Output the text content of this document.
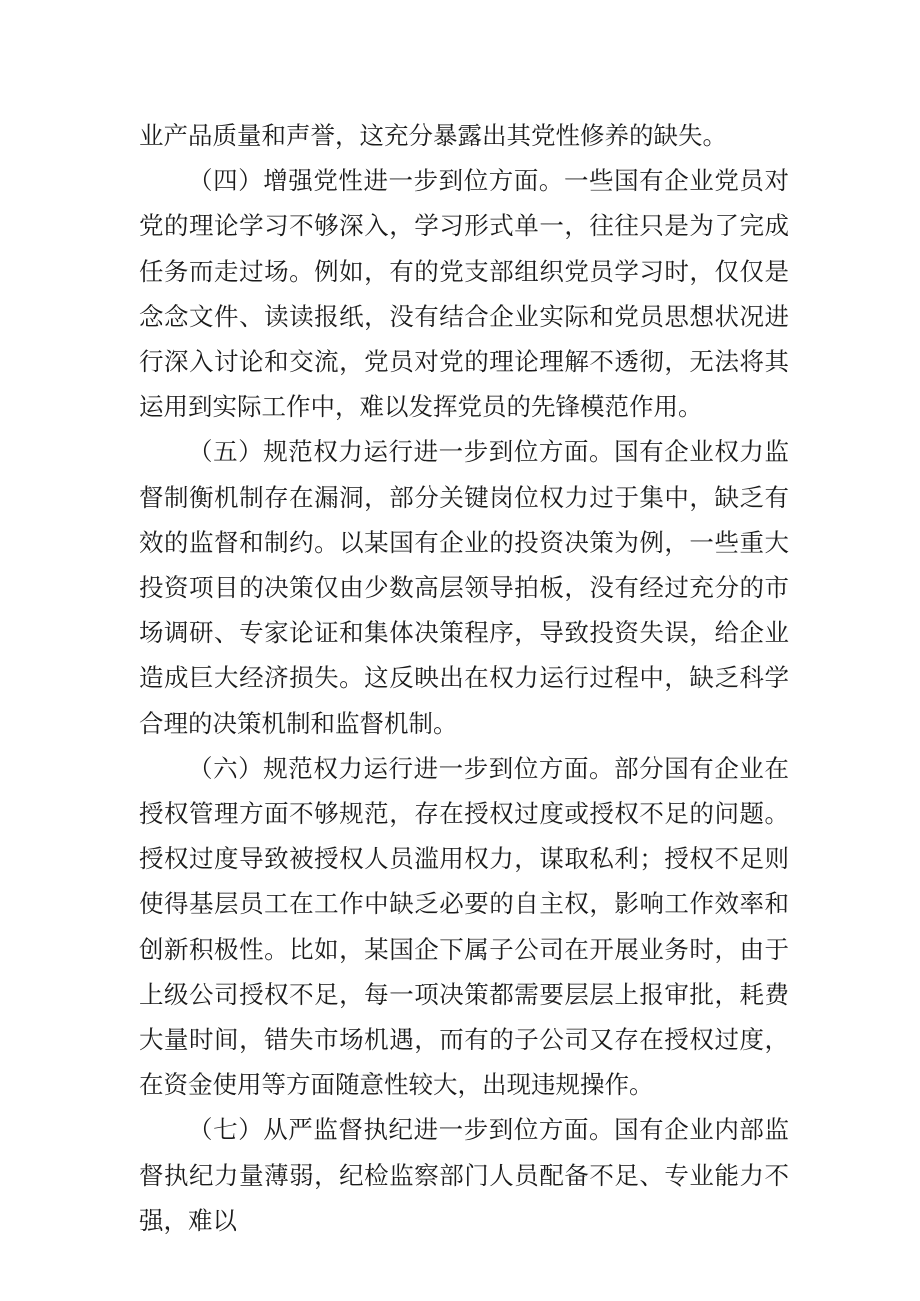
业产品质量和声誉，这充分暴露出其党性修养的缺失。

（四）增强党性进一步到位方面。一些国有企业党员对党的理论学习不够深入，学习形式单一，往往只是为了完成任务而走过场。例如，有的党支部组织党员学习时，仅仅是念念文件、读读报纸，没有结合企业实际和党员思想状况进行深入讨论和交流，党员对党的理论理解不透彻，无法将其运用到实际工作中，难以发挥党员的先锋模范作用。

（五）规范权力运行进一步到位方面。国有企业权力监督制衡机制存在漏洞，部分关键岗位权力过于集中，缺乏有效的监督和制约。以某国有企业的投资决策为例，一些重大投资项目的决策仅由少数高层领导拍板，没有经过充分的市场调研、专家论证和集体决策程序，导致投资失误，给企业造成巨大经济损失。这反映出在权力运行过程中，缺乏科学合理的决策机制和监督机制。

（六）规范权力运行进一步到位方面。部分国有企业在授权管理方面不够规范，存在授权过度或授权不足的问题。授权过度导致被授权人员滥用权力，谋取私利；授权不足则使得基层员工在工作中缺乏必要的自主权，影响工作效率和创新积极性。比如，某国企下属子公司在开展业务时，由于上级公司授权不足，每一项决策都需要层层上报审批，耗费大量时间，错失市场机遇，而有的子公司又存在授权过度，在资金使用等方面随意性较大，出现违规操作。

（七）从严监督执纪进一步到位方面。国有企业内部监督执纪力量薄弱，纪检监察部门人员配备不足、专业能力不强，难以
